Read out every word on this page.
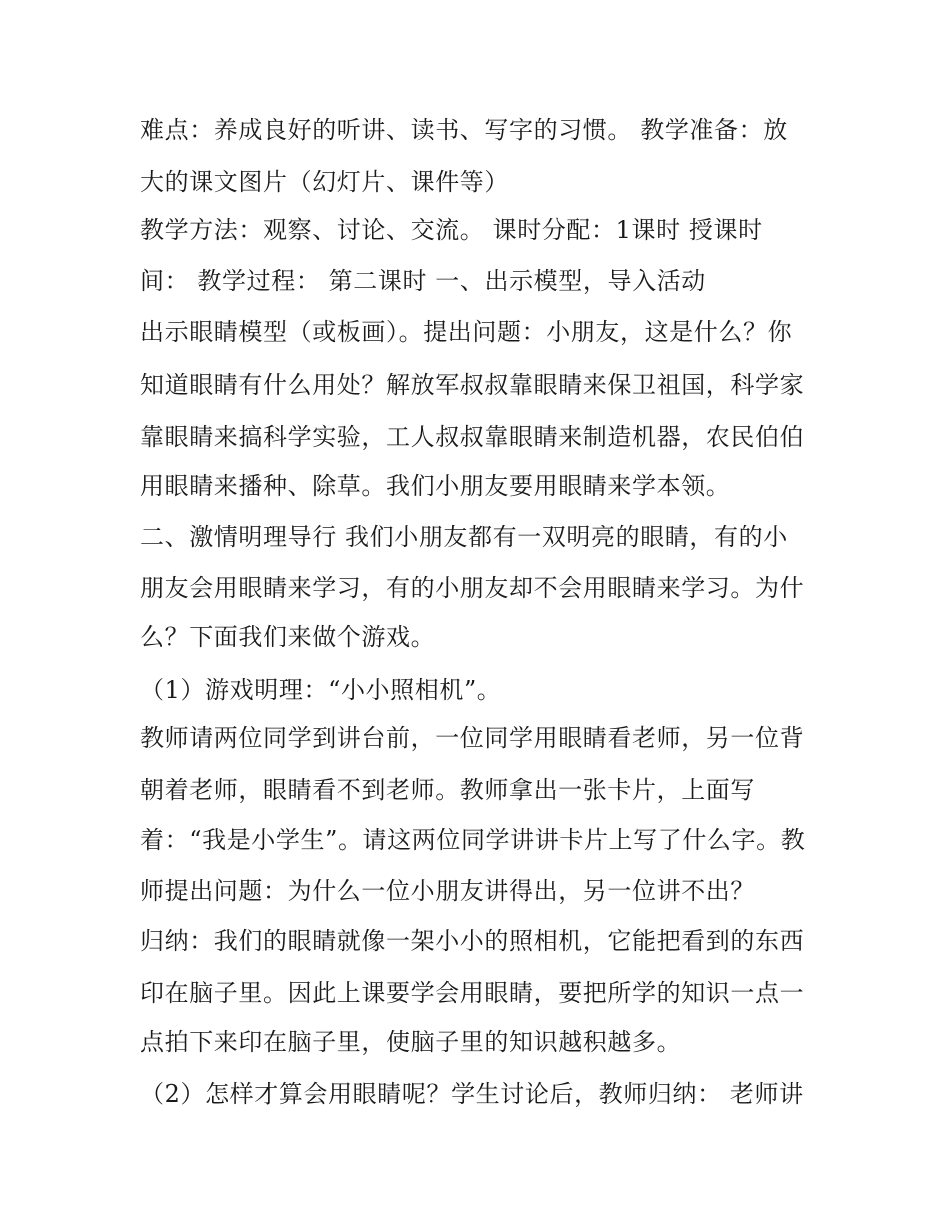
难点：养成良好的听讲、读书、写字的习惯。 教学准备：放
大的课文图片（幻灯片、课件等）
教学方法：观察、讨论、交流。 课时分配：1课时 授课时
间： 教学过程： 第二课时 一、出示模型，导入活动
出示眼睛模型（或板画）。提出问题：小朋友，这是什么？你
知道眼睛有什么用处？解放军叔叔靠眼睛来保卫祖国，科学家
靠眼睛来搞科学实验，工人叔叔靠眼睛来制造机器，农民伯伯
用眼睛来播种、除草。我们小朋友要用眼睛来学本领。
二、激情明理导行 我们小朋友都有一双明亮的眼睛，有的小
朋友会用眼睛来学习，有的小朋友却不会用眼睛来学习。为什
么？下面我们来做个游戏。
（1）游戏明理：“小小照相机”。
教师请两位同学到讲台前，一位同学用眼睛看老师，另一位背
朝着老师，眼睛看不到老师。教师拿出一张卡片，上面写
着：“我是小学生”。请这两位同学讲讲卡片上写了什么字。教
师提出问题：为什么一位小朋友讲得出，另一位讲不出？
归纳：我们的眼睛就像一架小小的照相机，它能把看到的东西
印在脑子里。因此上课要学会用眼睛，要把所学的知识一点一
点拍下来印在脑子里，使脑子里的知识越积越多。
（2）怎样才算会用眼睛呢？学生讨论后，教师归纳： 老师讲
